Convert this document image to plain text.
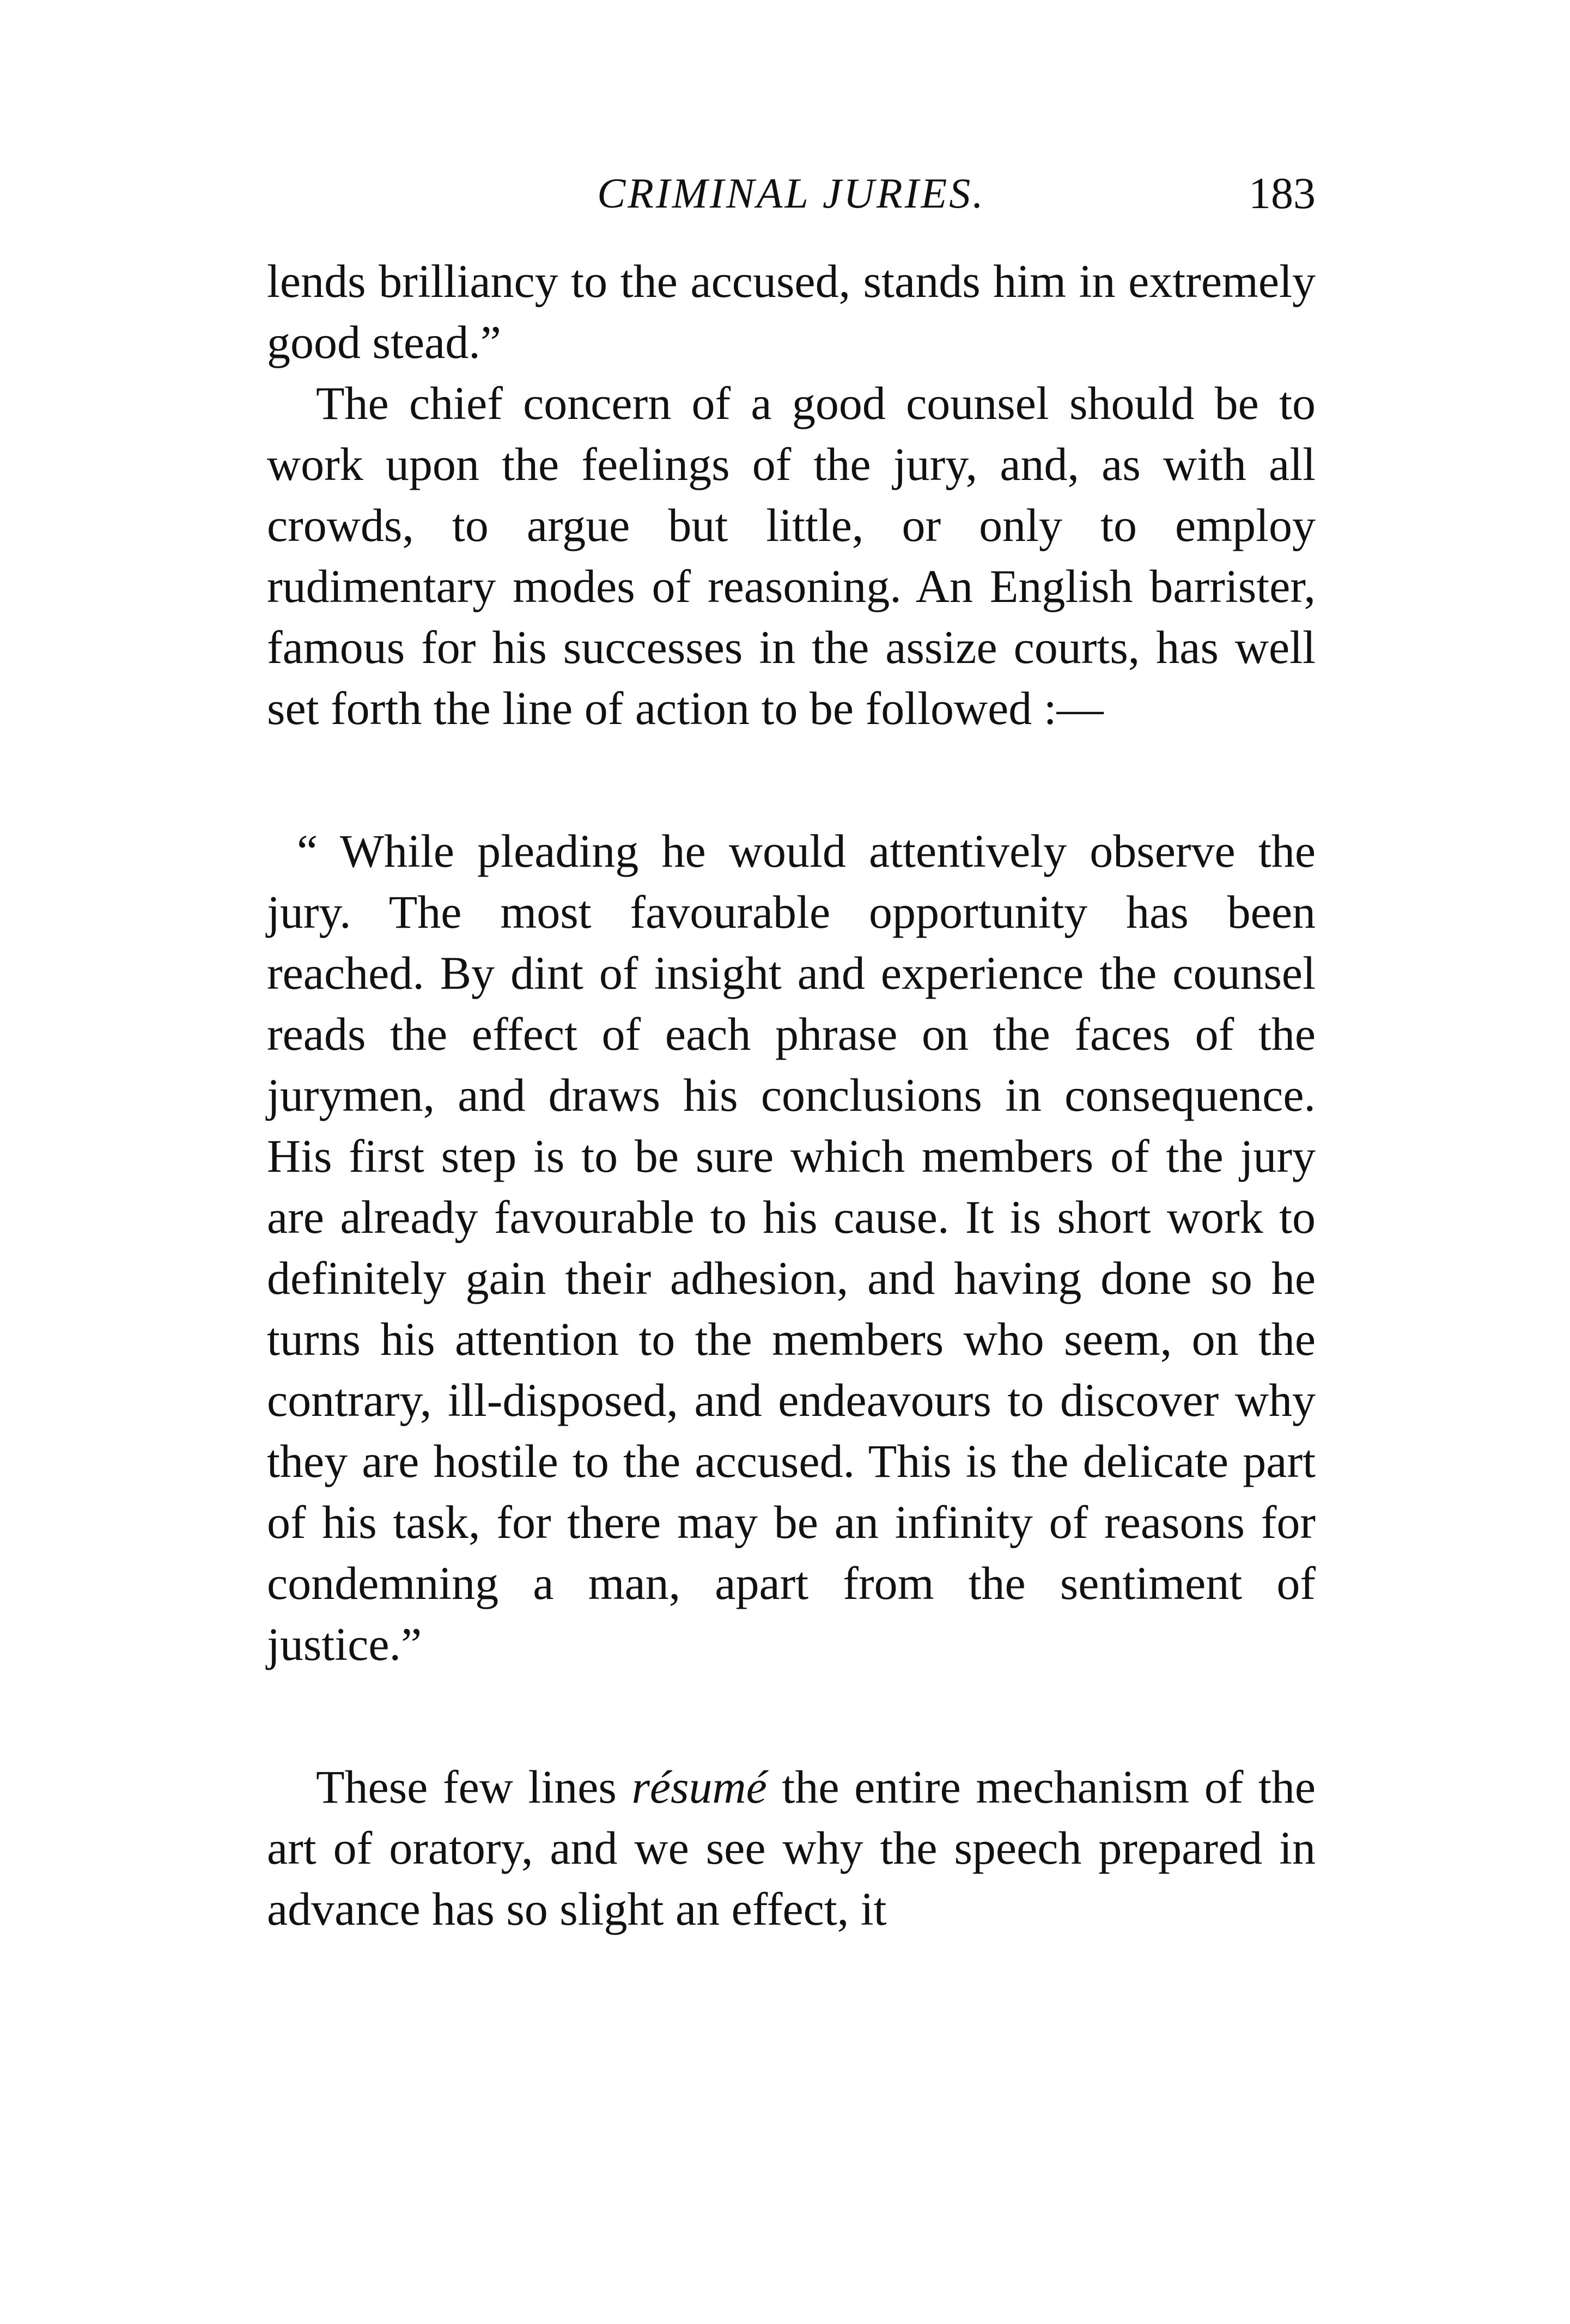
CRIMINAL JURIES.	183

lends brilliancy to the accused, stands him in extremely good stead.”

The chief concern of a good counsel should be to work upon the feelings of the jury, and, as with all crowds, to argue but little, or only to employ rudimentary modes of reasoning. An English barrister, famous for his successes in the assize courts, has well set forth the line of action to be followed :—

“ While pleading he would attentively observe the jury. The most favourable opportunity has been reached. By dint of insight and experience the counsel reads the effect of each phrase on the faces of the jurymen, and draws his conclusions in consequence. His first step is to be sure which members of the jury are already favourable to his cause. It is short work to definitely gain their adhesion, and having done so he turns his attention to the members who seem, on the contrary, ill-disposed, and endeavours to discover why they are hostile to the accused. This is the delicate part of his task, for there may be an infinity of reasons for condemning a man, apart from the sentiment of justice.”

These few lines résumé the entire mechanism of the art of oratory, and we see why the speech prepared in advance has so slight an effect, it
